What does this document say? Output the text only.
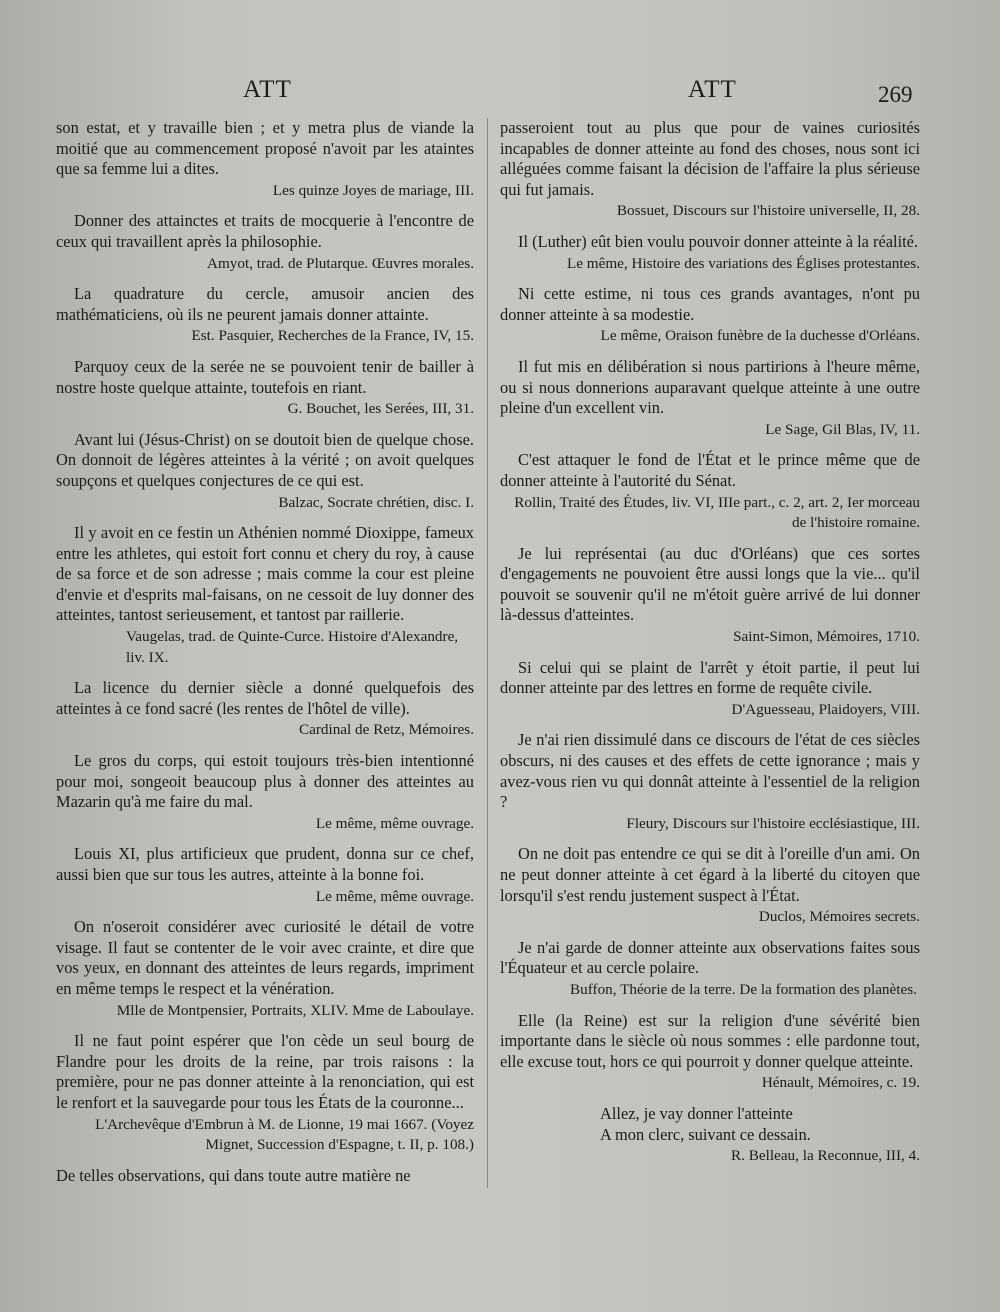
ATT	ATT	269

son estat, et y travaille bien ; et y metra plus de viande la moitié que au commencement proposé n'avoit par les ataintes que sa femme lui a dites.

Les quinze Joyes de mariage, III.

Donner des attainctes et traits de mocquerie à l'encontre de ceux qui travaillent après la philosophie.

Amyot, trad. de Plutarque. Œuvres morales.

La quadrature du cercle, amusoir ancien des mathématiciens, où ils ne peurent jamais donner attainte.

Est. Pasquier, Recherches de la France, IV, 15.

Parquoy ceux de la serée ne se pouvoient tenir de bailler à nostre hoste quelque attainte, toutefois en riant.

G. Bouchet, les Serées, III, 31.

Avant lui (Jésus-Christ) on se doutoit bien de quelque chose. On donnoit de légères atteintes à la vérité ; on avoit quelques soupçons et quelques conjectures de ce qui est.

Balzac, Socrate chrétien, disc. I.

Il y avoit en ce festin un Athénien nommé Dioxippe, fameux entre les athletes, qui estoit fort connu et chery du roy, à cause de sa force et de son adresse ; mais comme la cour est pleine d'envie et d'esprits mal-faisans, on ne cessoit de luy donner des atteintes, tantost serieusement, et tantost par raillerie.

Vaugelas, trad. de Quinte-Curce. Histoire d'Alexandre, liv. IX.

La licence du dernier siècle a donné quelquefois des atteintes à ce fond sacré (les rentes de l'hôtel de ville).

Cardinal de Retz, Mémoires.

Le gros du corps, qui estoit toujours très-bien intentionné pour moi, songeoit beaucoup plus à donner des atteintes au Mazarin qu'à me faire du mal.

Le même, même ouvrage.

Louis XI, plus artificieux que prudent, donna sur ce chef, aussi bien que sur tous les autres, atteinte à la bonne foi.

Le même, même ouvrage.

On n'oseroit considérer avec curiosité le détail de votre visage. Il faut se contenter de le voir avec crainte, et dire que vos yeux, en donnant des atteintes de leurs regards, impriment en même temps le respect et la vénération.

Mlle de Montpensier, Portraits, XLIV. Mme de Laboulaye.

Il ne faut point espérer que l'on cède un seul bourg de Flandre pour les droits de la reine, par trois raisons : la première, pour ne pas donner atteinte à la renonciation, qui est le renfort et la sauvegarde pour tous les États de la couronne...

L'Archevêque d'Embrun à M. de Lionne, 19 mai 1667. (Voyez Mignet, Succession d'Espagne, t. II, p. 108.)

De telles observations, qui dans toute autre matière ne

passeroient tout au plus que pour de vaines curiosités incapables de donner atteinte au fond des choses, nous sont ici alléguées comme faisant la décision de l'affaire la plus sérieuse qui fut jamais.

Bossuet, Discours sur l'histoire universelle, II, 28.

Il (Luther) eût bien voulu pouvoir donner atteinte à la réalité.

Le même, Histoire des variations des Églises protestantes.

Ni cette estime, ni tous ces grands avantages, n'ont pu donner atteinte à sa modestie.

Le même, Oraison funèbre de la duchesse d'Orléans.

Il fut mis en délibération si nous partirions à l'heure même, ou si nous donnerions auparavant quelque atteinte à une outre pleine d'un excellent vin.

Le Sage, Gil Blas, IV, 11.

C'est attaquer le fond de l'État et le prince même que de donner atteinte à l'autorité du Sénat.

Rollin, Traité des Études, liv. VI, IIIe part., c. 2, art. 2, Ier morceau de l'histoire romaine.

Je lui représentai (au duc d'Orléans) que ces sortes d'engagements ne pouvoient être aussi longs que la vie... qu'il pouvoit se souvenir qu'il ne m'étoit guère arrivé de lui donner là-dessus d'atteintes.

Saint-Simon, Mémoires, 1710.

Si celui qui se plaint de l'arrêt y étoit partie, il peut lui donner atteinte par des lettres en forme de requête civile.

D'Aguesseau, Plaidoyers, VIII.

Je n'ai rien dissimulé dans ce discours de l'état de ces siècles obscurs, ni des causes et des effets de cette ignorance ; mais y avez-vous rien vu qui donnât atteinte à l'essentiel de la religion ?

Fleury, Discours sur l'histoire ecclésiastique, III.

On ne doit pas entendre ce qui se dit à l'oreille d'un ami. On ne peut donner atteinte à cet égard à la liberté du citoyen que lorsqu'il s'est rendu justement suspect à l'État.

Duclos, Mémoires secrets.

Je n'ai garde de donner atteinte aux observations faites sous l'Équateur et au cercle polaire.

Buffon, Théorie de la terre. De la formation des planètes.

Elle (la Reine) est sur la religion d'une sévérité bien importante dans le siècle où nous sommes : elle pardonne tout, elle excuse tout, hors ce qui pourroit y donner quelque atteinte.

Hénault, Mémoires, c. 19.
Allez, je vay donner l'atteinte
A mon clerc, suivant ce dessain.
R. Belleau, la Reconnue, III, 4.
